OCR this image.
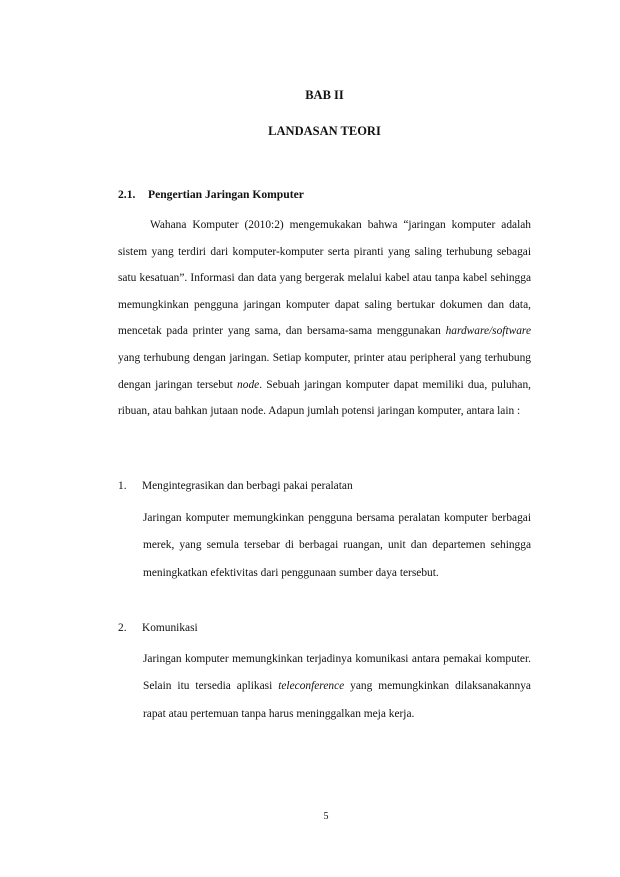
BAB II
LANDASAN TEORI
2.1. Pengertian Jaringan Komputer

Wahana Komputer (2010:2) mengemukakan bahwa “jaringan komputer adalah sistem yang terdiri dari komputer-komputer serta piranti yang saling terhubung sebagai satu kesatuan”. Informasi dan data yang bergerak melalui kabel atau tanpa kabel sehingga memungkinkan pengguna jaringan komputer dapat saling bertukar dokumen dan data, mencetak pada printer yang sama, dan bersama-sama menggunakan hardware/software yang terhubung dengan jaringan. Setiap komputer, printer atau peripheral yang terhubung dengan jaringan tersebut node. Sebuah jaringan komputer dapat memiliki dua, puluhan, ribuan, atau bahkan jutaan node. Adapun jumlah potensi jaringan komputer, antara lain :

1. Mengintegrasikan dan berbagi pakai peralatan

Jaringan komputer memungkinkan pengguna bersama peralatan komputer berbagai merek, yang semula tersebar di berbagai ruangan, unit dan departemen sehingga meningkatkan efektivitas dari penggunaan sumber daya tersebut.

2. Komunikasi

Jaringan komputer memungkinkan terjadinya komunikasi antara pemakai komputer. Selain itu tersedia aplikasi teleconference yang memungkinkan dilaksanakannya rapat atau pertemuan tanpa harus meninggalkan meja kerja.

5
